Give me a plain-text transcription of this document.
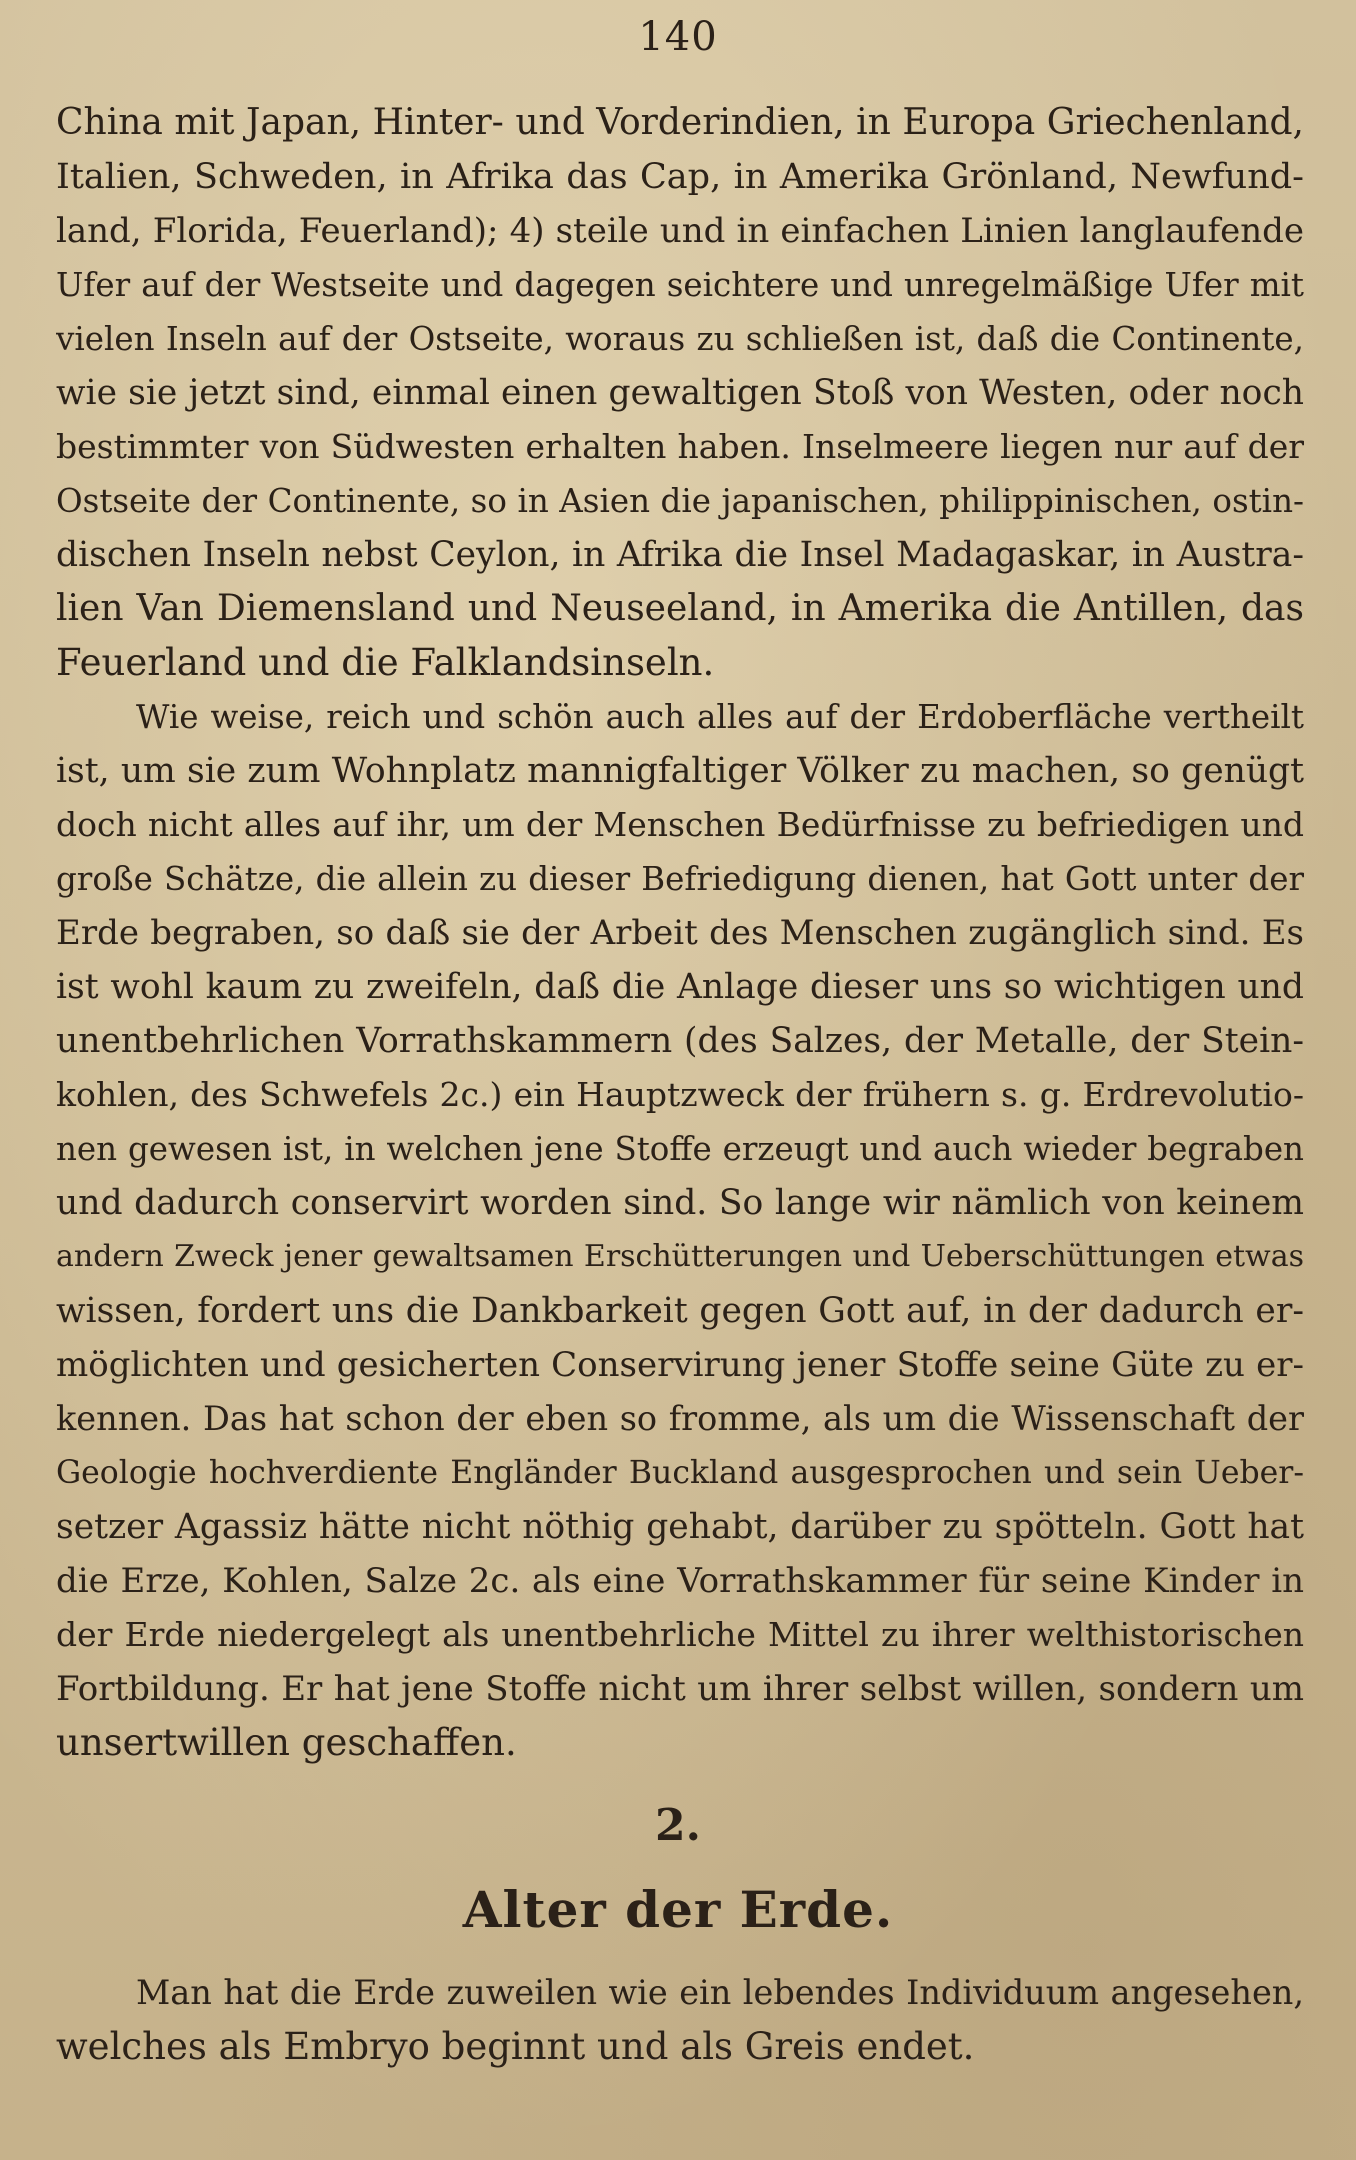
140
China mit Japan, Hinter- und Vorderindien, in Europa Griechenland,
Italien, Schweden, in Afrika das Cap, in Amerika Grönland, Newfund-
land, Florida, Feuerland); 4) steile und in einfachen Linien langlaufende
Ufer auf der Westseite und dagegen seichtere und unregelmäßige Ufer mit
vielen Inseln auf der Ostseite, woraus zu schließen ist, daß die Continente,
wie sie jetzt sind, einmal einen gewaltigen Stoß von Westen, oder noch
bestimmter von Südwesten erhalten haben. Inselmeere liegen nur auf der
Ostseite der Continente, so in Asien die japanischen, philippinischen, ostin-
dischen Inseln nebst Ceylon, in Afrika die Insel Madagaskar, in Austra-
lien Van Diemensland und Neuseeland, in Amerika die Antillen, das
Feuerland und die Falklandsinseln.
Wie weise, reich und schön auch alles auf der Erdoberfläche vertheilt
ist, um sie zum Wohnplatz mannigfaltiger Völker zu machen, so genügt
doch nicht alles auf ihr, um der Menschen Bedürfnisse zu befriedigen und
große Schätze, die allein zu dieser Befriedigung dienen, hat Gott unter der
Erde begraben, so daß sie der Arbeit des Menschen zugänglich sind. Es
ist wohl kaum zu zweifeln, daß die Anlage dieser uns so wichtigen und
unentbehrlichen Vorrathskammern (des Salzes, der Metalle, der Stein-
kohlen, des Schwefels 2c.) ein Hauptzweck der frühern s. g. Erdrevolutio-
nen gewesen ist, in welchen jene Stoffe erzeugt und auch wieder begraben
und dadurch conservirt worden sind. So lange wir nämlich von keinem
andern Zweck jener gewaltsamen Erschütterungen und Ueberschüttungen etwas
wissen, fordert uns die Dankbarkeit gegen Gott auf, in der dadurch er-
möglichten und gesicherten Conservirung jener Stoffe seine Güte zu er-
kennen. Das hat schon der eben so fromme, als um die Wissenschaft der
Geologie hochverdiente Engländer Buckland ausgesprochen und sein Ueber-
setzer Agassiz hätte nicht nöthig gehabt, darüber zu spötteln. Gott hat
die Erze, Kohlen, Salze 2c. als eine Vorrathskammer für seine Kinder in
der Erde niedergelegt als unentbehrliche Mittel zu ihrer welthistorischen
Fortbildung. Er hat jene Stoffe nicht um ihrer selbst willen, sondern um
unsertwillen geschaffen.
2.
Alter der Erde.
Man hat die Erde zuweilen wie ein lebendes Individuum angesehen,
welches als Embryo beginnt und als Greis endet.
